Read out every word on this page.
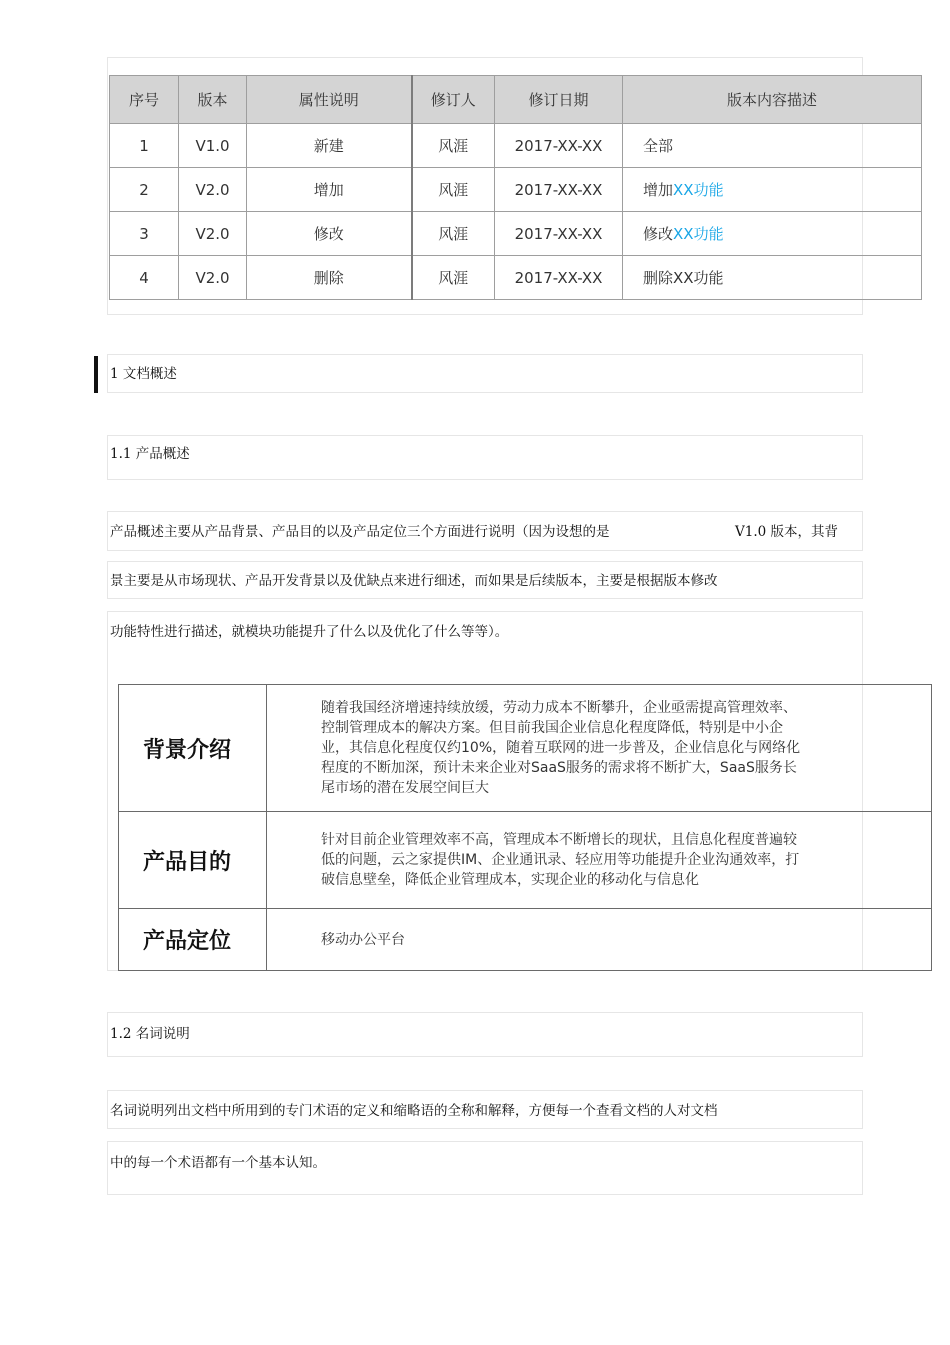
序号	版本	属性说明	修订人	修订日期	版本内容描述
1	V1.0	新建	风涯	2017-XX-XX	全部
2	V2.0	增加	风涯	2017-XX-XX	增加XX功能
3	V2.0	修改	风涯	2017-XX-XX	修改XX功能
4	V2.0	删除	风涯	2017-XX-XX	删除XX功能
1 文档概述
1.1 产品概述
产品概述主要从产品背景、产品目的以及产品定位三个方面进行说明（因为设想的是	V1.0 版本，其背
景主要是从市场现状、产品开发背景以及优缺点来进行细述，而如果是后续版本，主要是根据版本修改
功能特性进行描述，就模块功能提升了什么以及优化了什么等等）。
背景介绍	随着我国经济增速持续放缓，劳动力成本不断攀升，企业亟需提高管理效率、
控制管理成本的解决方案。但目前我国企业信息化程度降低，特别是中小企
业，其信息化程度仅约10%，随着互联网的进一步普及，企业信息化与网络化
程度的不断加深，预计未来企业对SaaS服务的需求将不断扩大，SaaS服务长
尾市场的潜在发展空间巨大

产品目的	针对目前企业管理效率不高，管理成本不断增长的现状，且信息化程度普遍较
低的问题，云之家提供IM、企业通讯录、轻应用等功能提升企业沟通效率，打
破信息壁垒，降低企业管理成本，实现企业的移动化与信息化

产品定位	移动办公平台
1.2 名词说明
名词说明列出文档中所用到的专门术语的定义和缩略语的全称和解释，方便每一个查看文档的人对文档
中的每一个术语都有一个基本认知。
